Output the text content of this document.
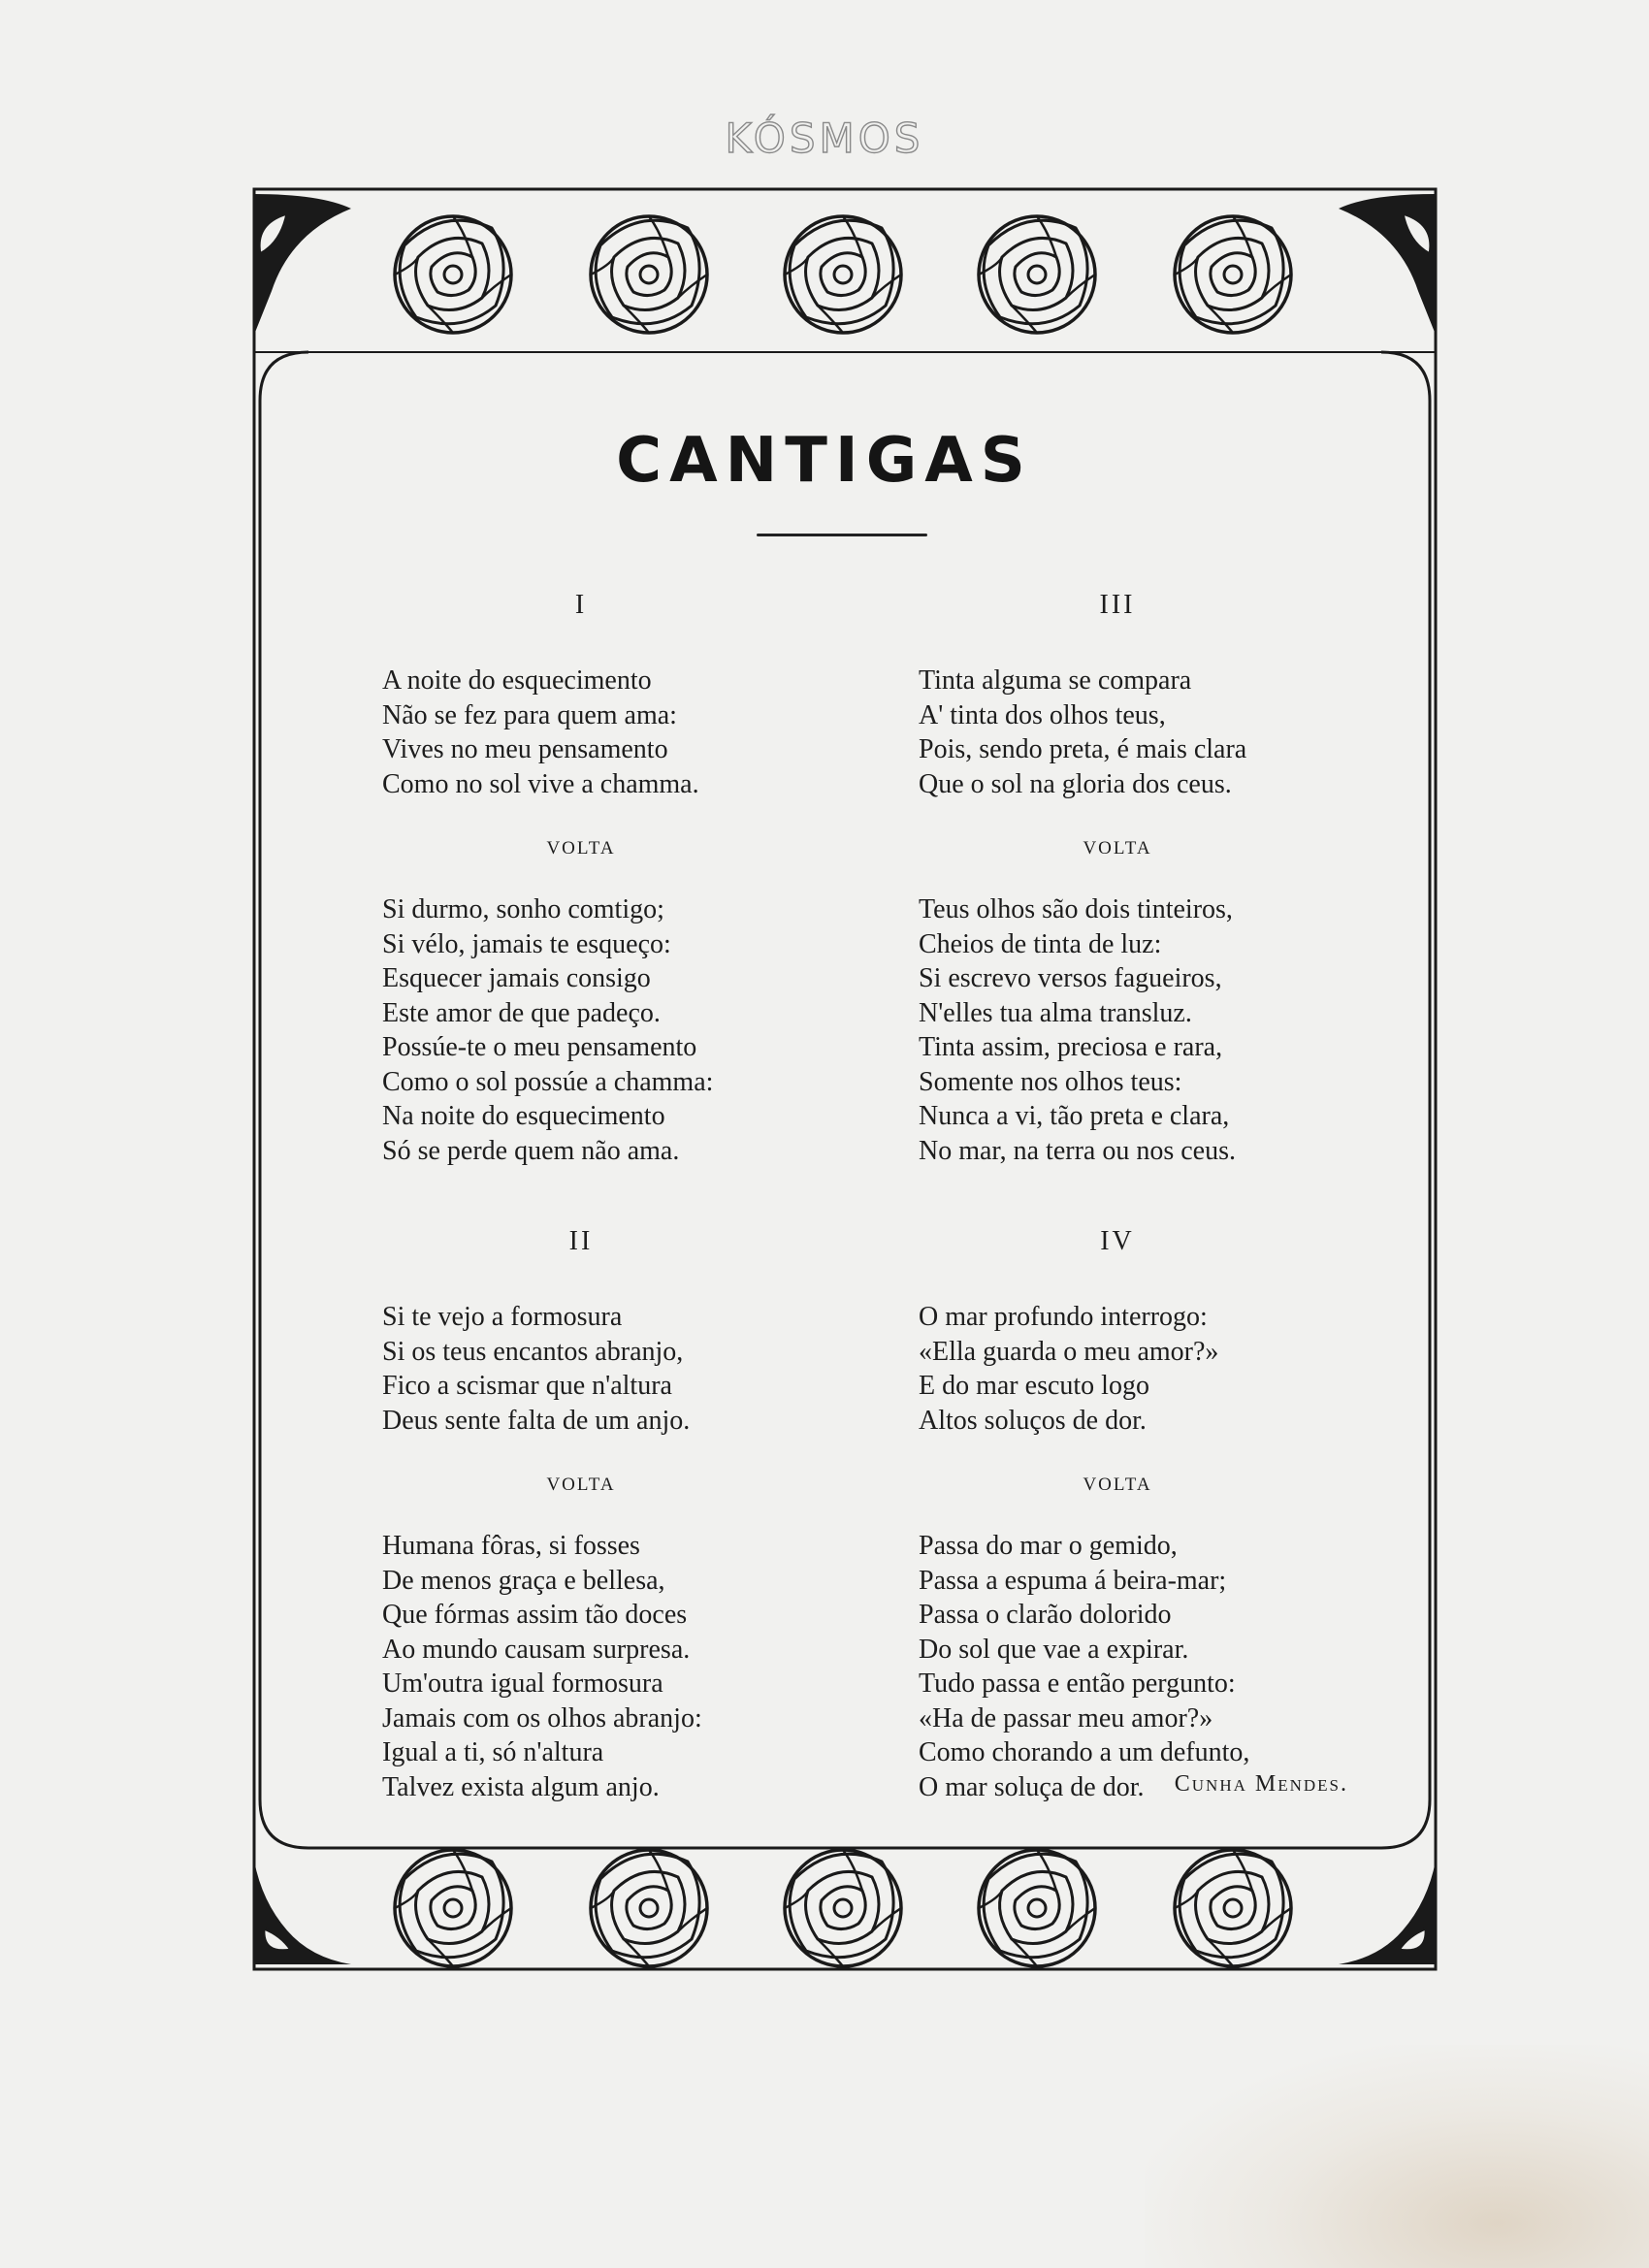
KÓSMOS
CANTIGAS
I
A noite do esquecimento
Não se fez para quem ama:
Vives no meu pensamento
Como no sol vive a chamma.
VOLTA
Si durmo, sonho comtigo;
Si vélo, jamais te esqueço:
Esquecer jamais consigo
Este amor de que padeço.
Possúe-te o meu pensamento
Como o sol possúe a chamma:
Na noite do esquecimento
Só se perde quem não ama.
II
Si te vejo a formosura
Si os teus encantos abranjo,
Fico a scismar que n'altura
Deus sente falta de um anjo.
VOLTA
Humana fôras, si fosses
De menos graça e bellesa,
Que fórmas assim tão doces
Ao mundo causam surpresa.
Um'outra igual formosura
Jamais com os olhos abranjo:
Igual a ti, só n'altura
Talvez exista algum anjo.
III
Tinta alguma se compara
A' tinta dos olhos teus,
Pois, sendo preta, é mais clara
Que o sol na gloria dos ceus.
VOLTA
Teus olhos são dois tinteiros,
Cheios de tinta de luz:
Si escrevo versos fagueiros,
N'elles tua alma transluz.
Tinta assim, preciosa e rara,
Somente nos olhos teus:
Nunca a vi, tão preta e clara,
No mar, na terra ou nos ceus.
IV
O mar profundo interrogo:
«Ella guarda o meu amor?»
E do mar escuto logo
Altos soluços de dor.
VOLTA
Passa do mar o gemido,
Passa a espuma á beira-mar;
Passa o clarão dolorido
Do sol que vae a expirar.
Tudo passa e então pergunto:
«Ha de passar meu amor?»
Como chorando a um defunto,
O mar soluça de dor.	Cunha Mendes.
